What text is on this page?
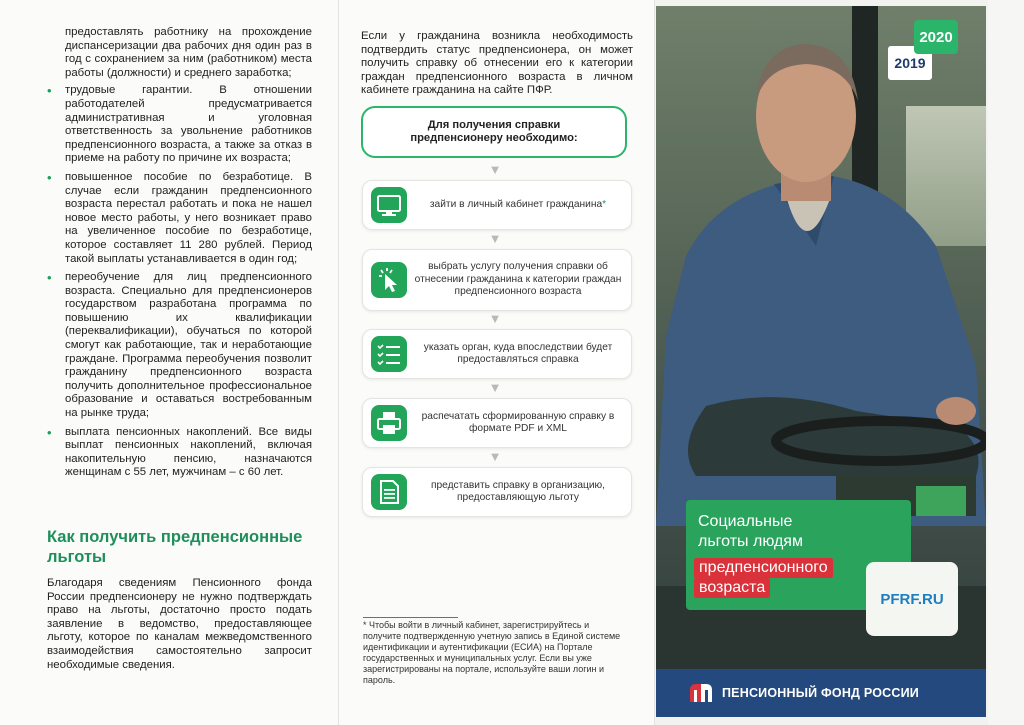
предоставлять работнику на прохождение диспансеризации два рабочих дня один раз в год с сохранением за ним (работником) места работы (должности) и среднего заработка;

• трудовые гарантии. В отношении работодателей предусматривается административная и уголовная ответственность за увольнение работников предпенсионного возраста, а также за отказ в приеме на работу по причине их возраста;
• повышенное пособие по безработице. В случае если гражданин предпенсионного возраста перестал работать и пока не нашел новое место работы, у него возникает право на увеличенное пособие по безработице, которое составляет 11 280 рублей. Период такой выплаты устанавливается в один год;
• переобучение для лиц предпенсионного возраста. Специально для предпенсионеров государством разработана программа по повышению их квалификации (переквалификации), обучаться по которой смогут как работающие, так и неработающие граждане. Программа переобучения позволит гражданину предпенсионного возраста получить дополнительное профессиональное образование и оставаться востребованным на рынке труда;
• выплата пенсионных накоплений. Все виды выплат пенсионных накоплений, включая накопительную пенсию, назначаются женщинам с 55 лет, мужчинам – с 60 лет.
Как получить предпенсионные льготы

Благодаря сведениям Пенсионного фонда России предпенсионеру не нужно подтверждать право на льготы, достаточно просто подать заявление в ведомство, предоставляющее льготу, которое по каналам межведомственного взаимодействия самостоятельно запросит необходимые сведения.

Если у гражданина возникла необходимость подтвердить статус предпенсионера, он может получить справку об отнесении его к категории граждан предпенсионного возраста в личном кабинете гражданина на сайте ПФР.

Для получения справки предпенсионеру необходимо:
▼
зайти в личный кабинет гражданина*
▼
выбрать услугу получения справки об отнесении гражданина к категории граждан предпенсионного возраста
▼
указать орган, куда впоследствии будет предоставляться справка
▼
распечатать сформированную справку в формате PDF и XML
▼
представить справку в организацию, предоставляющую льготу

* Чтобы войти в личный кабинет, зарегистрируйтесь и получите подтвержденную учетную запись в Единой системе идентификации и аутентификации (ЕСИА) на Портале государственных и муниципальных услуг. Если вы уже зарегистрированы на портале, используйте ваши логин и пароль.

2019
2020
Социальные
льготы людям
предпенсионного
возраста
PFRF.RU
ПЕНСИОННЫЙ ФОНД РОССИИ
